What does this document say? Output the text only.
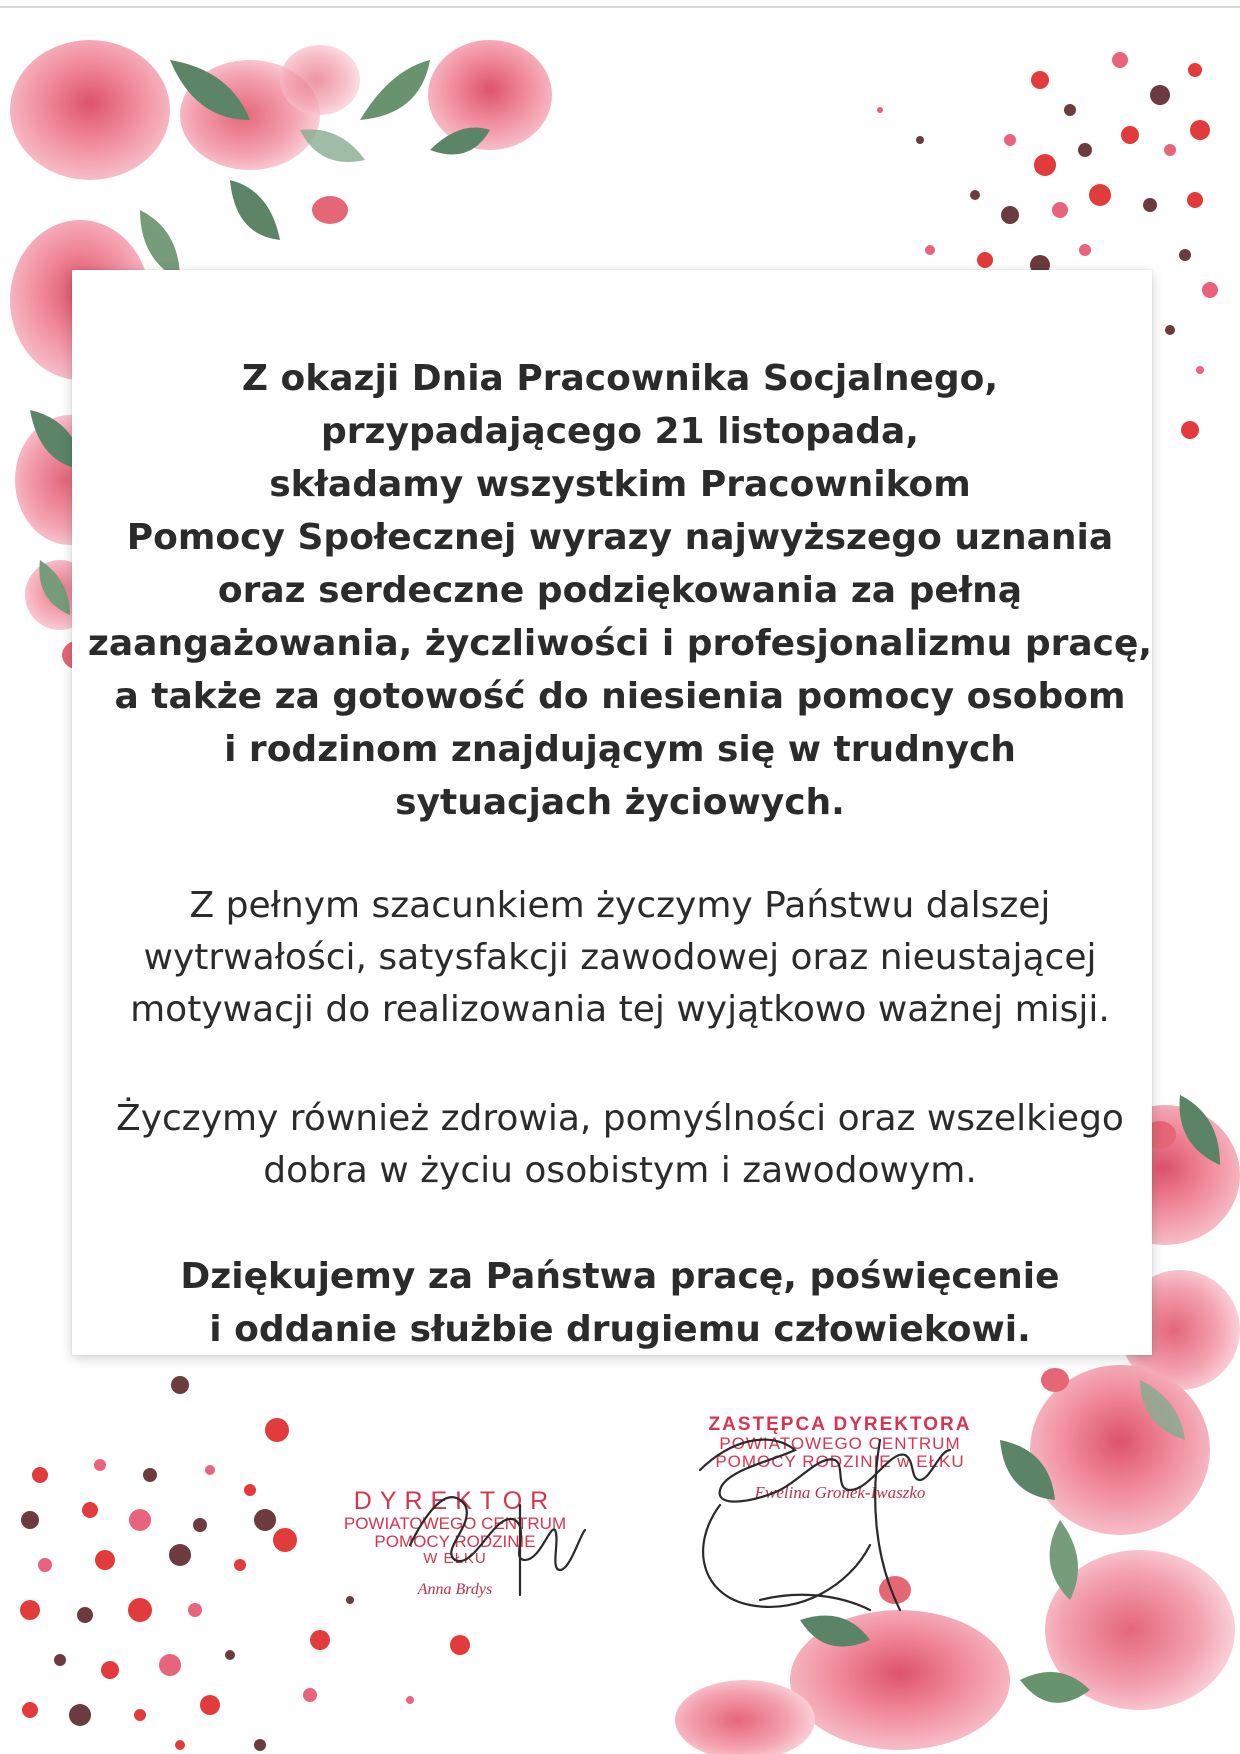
Z okazji Dnia Pracownika Socjalnego,

przypadającego 21 listopada,

składamy wszystkim Pracownikom

Pomocy Społecznej wyrazy najwyższego uznania

oraz serdeczne podziękowania za pełną

zaangażowania, życzliwości i profesjonalizmu pracę,

a także za gotowość do niesienia pomocy osobom

i rodzinom znajdującym się w trudnych

sytuacjach życiowych.

Z pełnym szacunkiem życzymy Państwu dalszej

wytrwałości, satysfakcji zawodowej oraz nieustającej

motywacji do realizowania tej wyjątkowo ważnej misji.

Życzymy również zdrowia, pomyślności oraz wszelkiego

dobra w życiu osobistym i zawodowym.

Dziękujemy za Państwa pracę, poświęcenie

i oddanie służbie drugiemu człowiekowi.

DYREKTOR
POWIATOWEGO CENTRUM
POMOCY RODZINIE
W EŁKU
Anna Brdys
ZASTĘPCA DYREKTORA
POWIATOWEGO CENTRUM
POMOCY RODZINIE w EŁKU
Ewelina Gronek-Iwaszko
